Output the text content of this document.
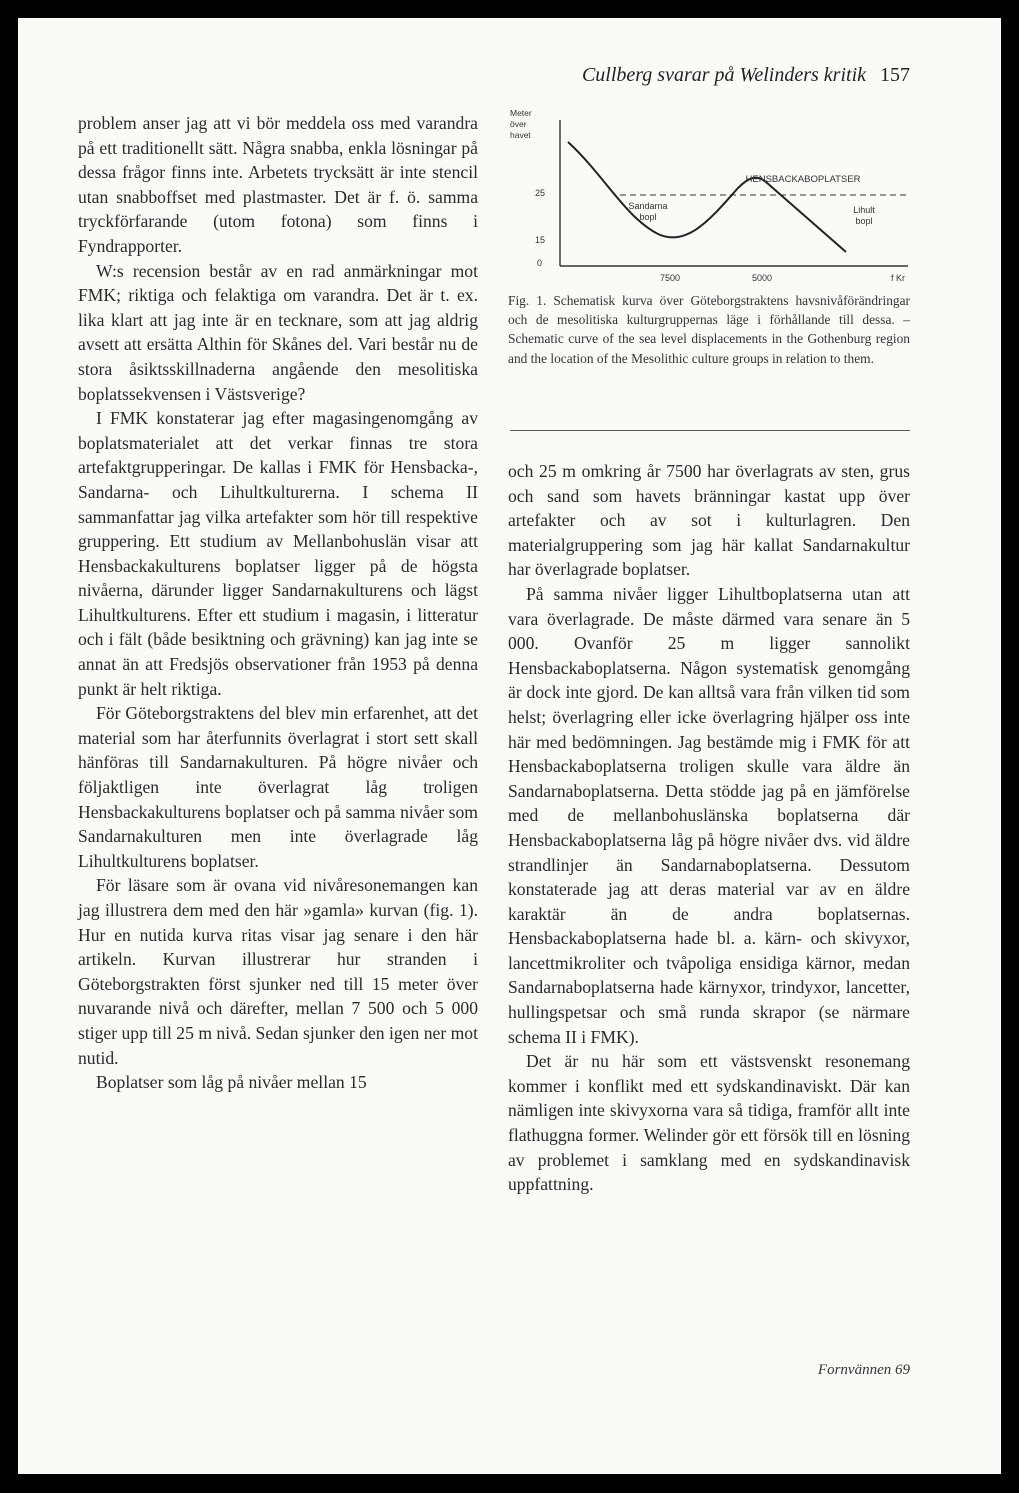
Cullberg svarar på Welinders kritik 157

problem anser jag att vi bör meddela oss med varandra på ett traditionellt sätt. Några snabba, enkla lösningar på dessa frågor finns inte. Arbetets trycksätt är inte stencil utan snabboffset med plastmaster. Det är f. ö. samma tryckförfarande (utom fotona) som finns i Fyndrapporter.

W:s recension består av en rad anmärkningar mot FMK; riktiga och felaktiga om varandra. Det är t. ex. lika klart att jag inte är en tecknare, som att jag aldrig avsett att ersätta Althin för Skånes del. Vari består nu de stora åsiktsskillnaderna angående den mesolitiska boplatssekvensen i Västsverige?

I FMK konstaterar jag efter magasingenomgång av boplatsmaterialet att det verkar finnas tre stora artefaktgrupperingar. De kallas i FMK för Hensbacka-, Sandarna- och Lihultkulturerna. I schema II sammanfattar jag vilka artefakter som hör till respektive gruppering. Ett studium av Mellanbohuslän visar att Hensbackakulturens boplatser ligger på de högsta nivåerna, därunder ligger Sandarnakulturens och lägst Lihultkulturens. Efter ett studium i magasin, i litteratur och i fält (både besiktning och grävning) kan jag inte se annat än att Fredsjös observationer från 1953 på denna punkt är helt riktiga.

För Göteborgstraktens del blev min erfarenhet, att det material som har återfunnits överlagrat i stort sett skall hänföras till Sandarnakulturen. På högre nivåer och följaktligen inte överlagrat låg troligen Hensbackakulturens boplatser och på samma nivåer som Sandarnakulturen men inte överlagrade låg Lihultkulturens boplatser.

För läsare som är ovana vid nivåresonemangen kan jag illustrera dem med den här »gamla» kurvan (fig. 1). Hur en nutida kurva ritas visar jag senare i den här artikeln. Kurvan illustrerar hur stranden i Göteborgstrakten först sjunker ned till 15 meter över nuvarande nivå och därefter, mellan 7 500 och 5 000 stiger upp till 25 m nivå. Sedan sjunker den igen ner mot nutid.

Boplatser som låg på nivåer mellan 15

Meter
över
havet
25
15
0
HENSBACKABOPLATSER
Sandarna
bopl
Lihult
bopl
7500	5000	f Kr
Fig. 1. Schematisk kurva över Göteborgstraktens havsnivåförändringar och de mesolitiska kulturgruppernas läge i förhållande till dessa. – Schematic curve of the sea level displacements in the Gothenburg region and the location of the Mesolithic culture groups in relation to them.

och 25 m omkring år 7500 har överlagrats av sten, grus och sand som havets bränningar kastat upp över artefakter och av sot i kulturlagren. Den materialgruppering som jag här kallat Sandarnakultur har överlagrade boplatser.

På samma nivåer ligger Lihultboplatserna utan att vara överlagrade. De måste därmed vara senare än 5 000. Ovanför 25 m ligger sannolikt Hensbackaboplatserna. Någon systematisk genomgång är dock inte gjord. De kan alltså vara från vilken tid som helst; överlagring eller icke överlagring hjälper oss inte här med bedömningen. Jag bestämde mig i FMK för att Hensbackaboplatserna troligen skulle vara äldre än Sandarnaboplatserna. Detta stödde jag på en jämförelse med de mellanbohuslänska boplatserna där Hensbackaboplatserna låg på högre nivåer dvs. vid äldre strandlinjer än Sandarnaboplatserna. Dessutom konstaterade jag att deras material var av en äldre karaktär än de andra boplatsernas. Hensbackaboplatserna hade bl. a. kärn- och skivyxor, lancettmikroliter och tvåpoliga ensidiga kärnor, medan Sandarnaboplatserna hade kärnyxor, trindyxor, lancetter, hullingspetsar och små runda skrapor (se närmare schema II i FMK).

Det är nu här som ett västsvenskt resonemang kommer i konflikt med ett sydskandinaviskt. Där kan nämligen inte skivyxorna vara så tidiga, framför allt inte flathuggna former. Welinder gör ett försök till en lösning av problemet i samklang med en sydskandinavisk uppfattning.

Fornvännen 69
